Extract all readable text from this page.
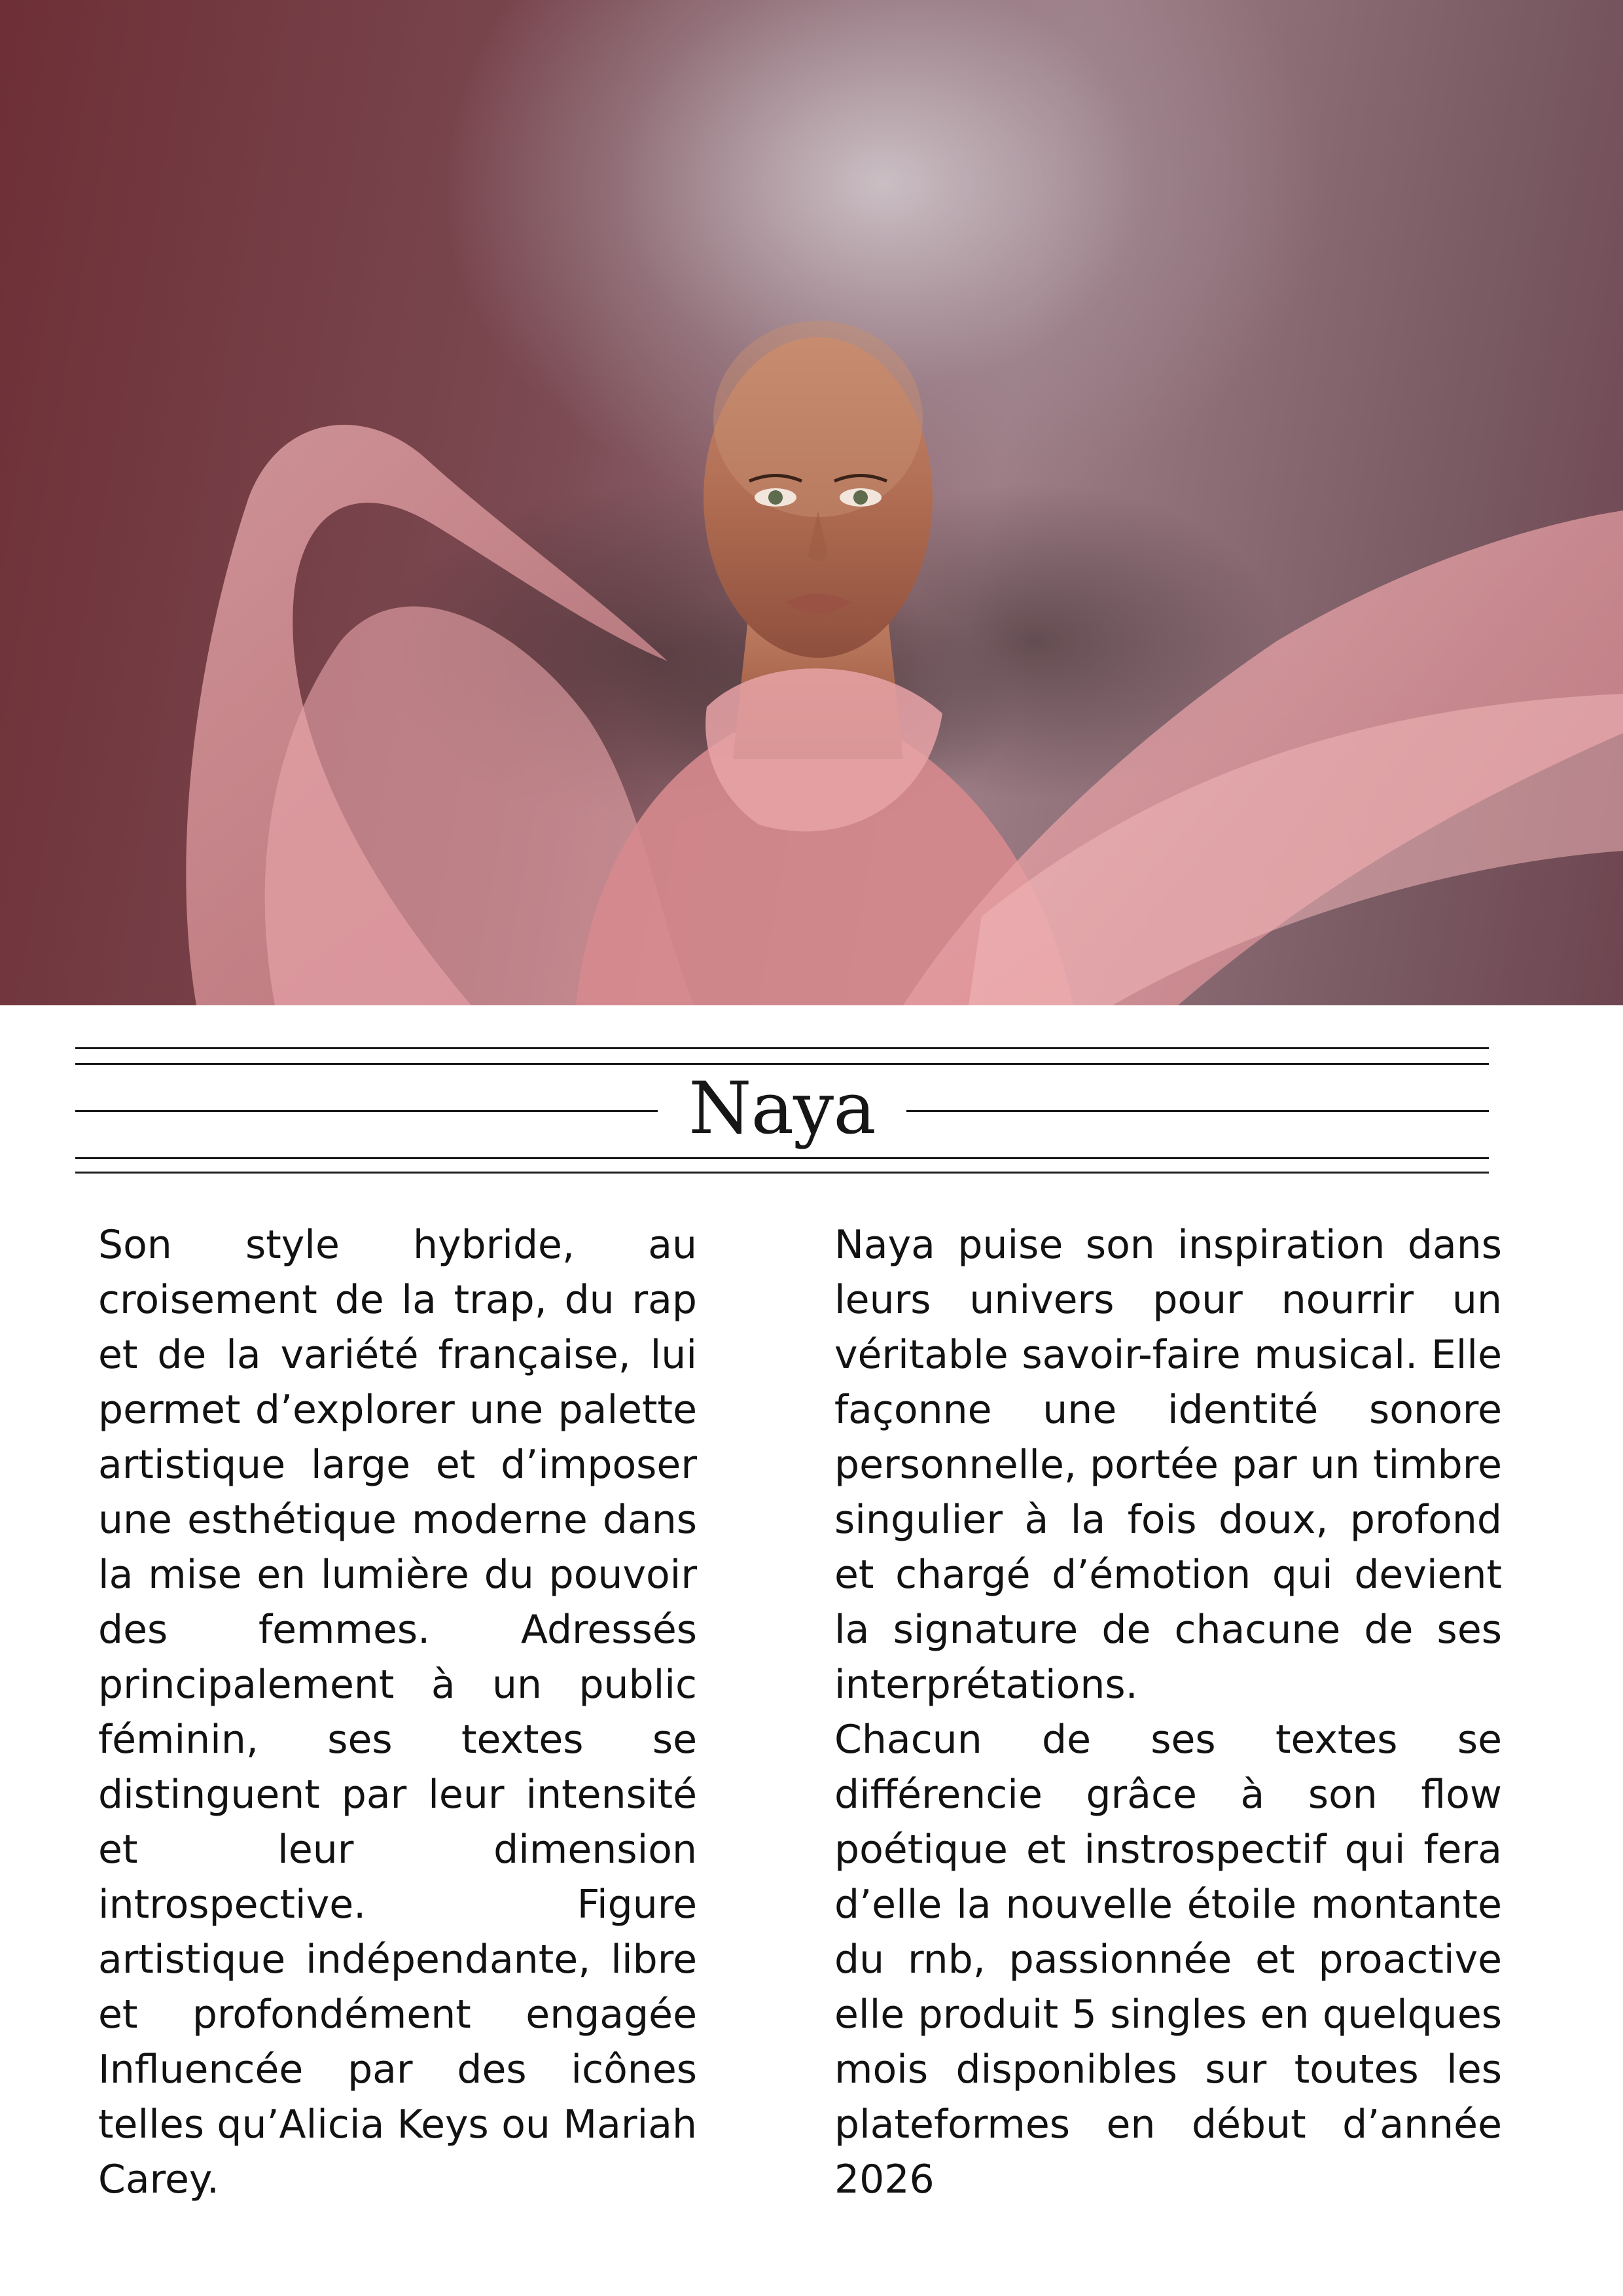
Naya

Son style hybride, au croisement de la trap, du rap et de la variété française, lui permet d’explorer une palette artistique large et d’imposer une esthétique moderne dans la mise en lumière du pouvoir des femmes. Adressés principalement à un public féminin, ses textes se distinguent par leur intensité et leur dimension introspective. Figure artistique indépendante, libre et profondément engagée Influencée par des icônes telles qu’Alicia Keys ou Mariah Carey.

Naya puise son inspiration dans leurs univers pour nourrir un véritable savoir-faire musical. Elle façonne une identité sonore personnelle, portée par un timbre singulier à la fois doux, profond et chargé d’émotion qui devient la signature de chacune de ses interprétations.

Chacun de ses textes se différencie grâce à son flow poétique et instrospectif qui fera d’elle la nouvelle étoile montante du rnb, passionnée et proactive elle produit 5 singles en quelques mois disponibles sur toutes les plateformes en début d’année 2026
